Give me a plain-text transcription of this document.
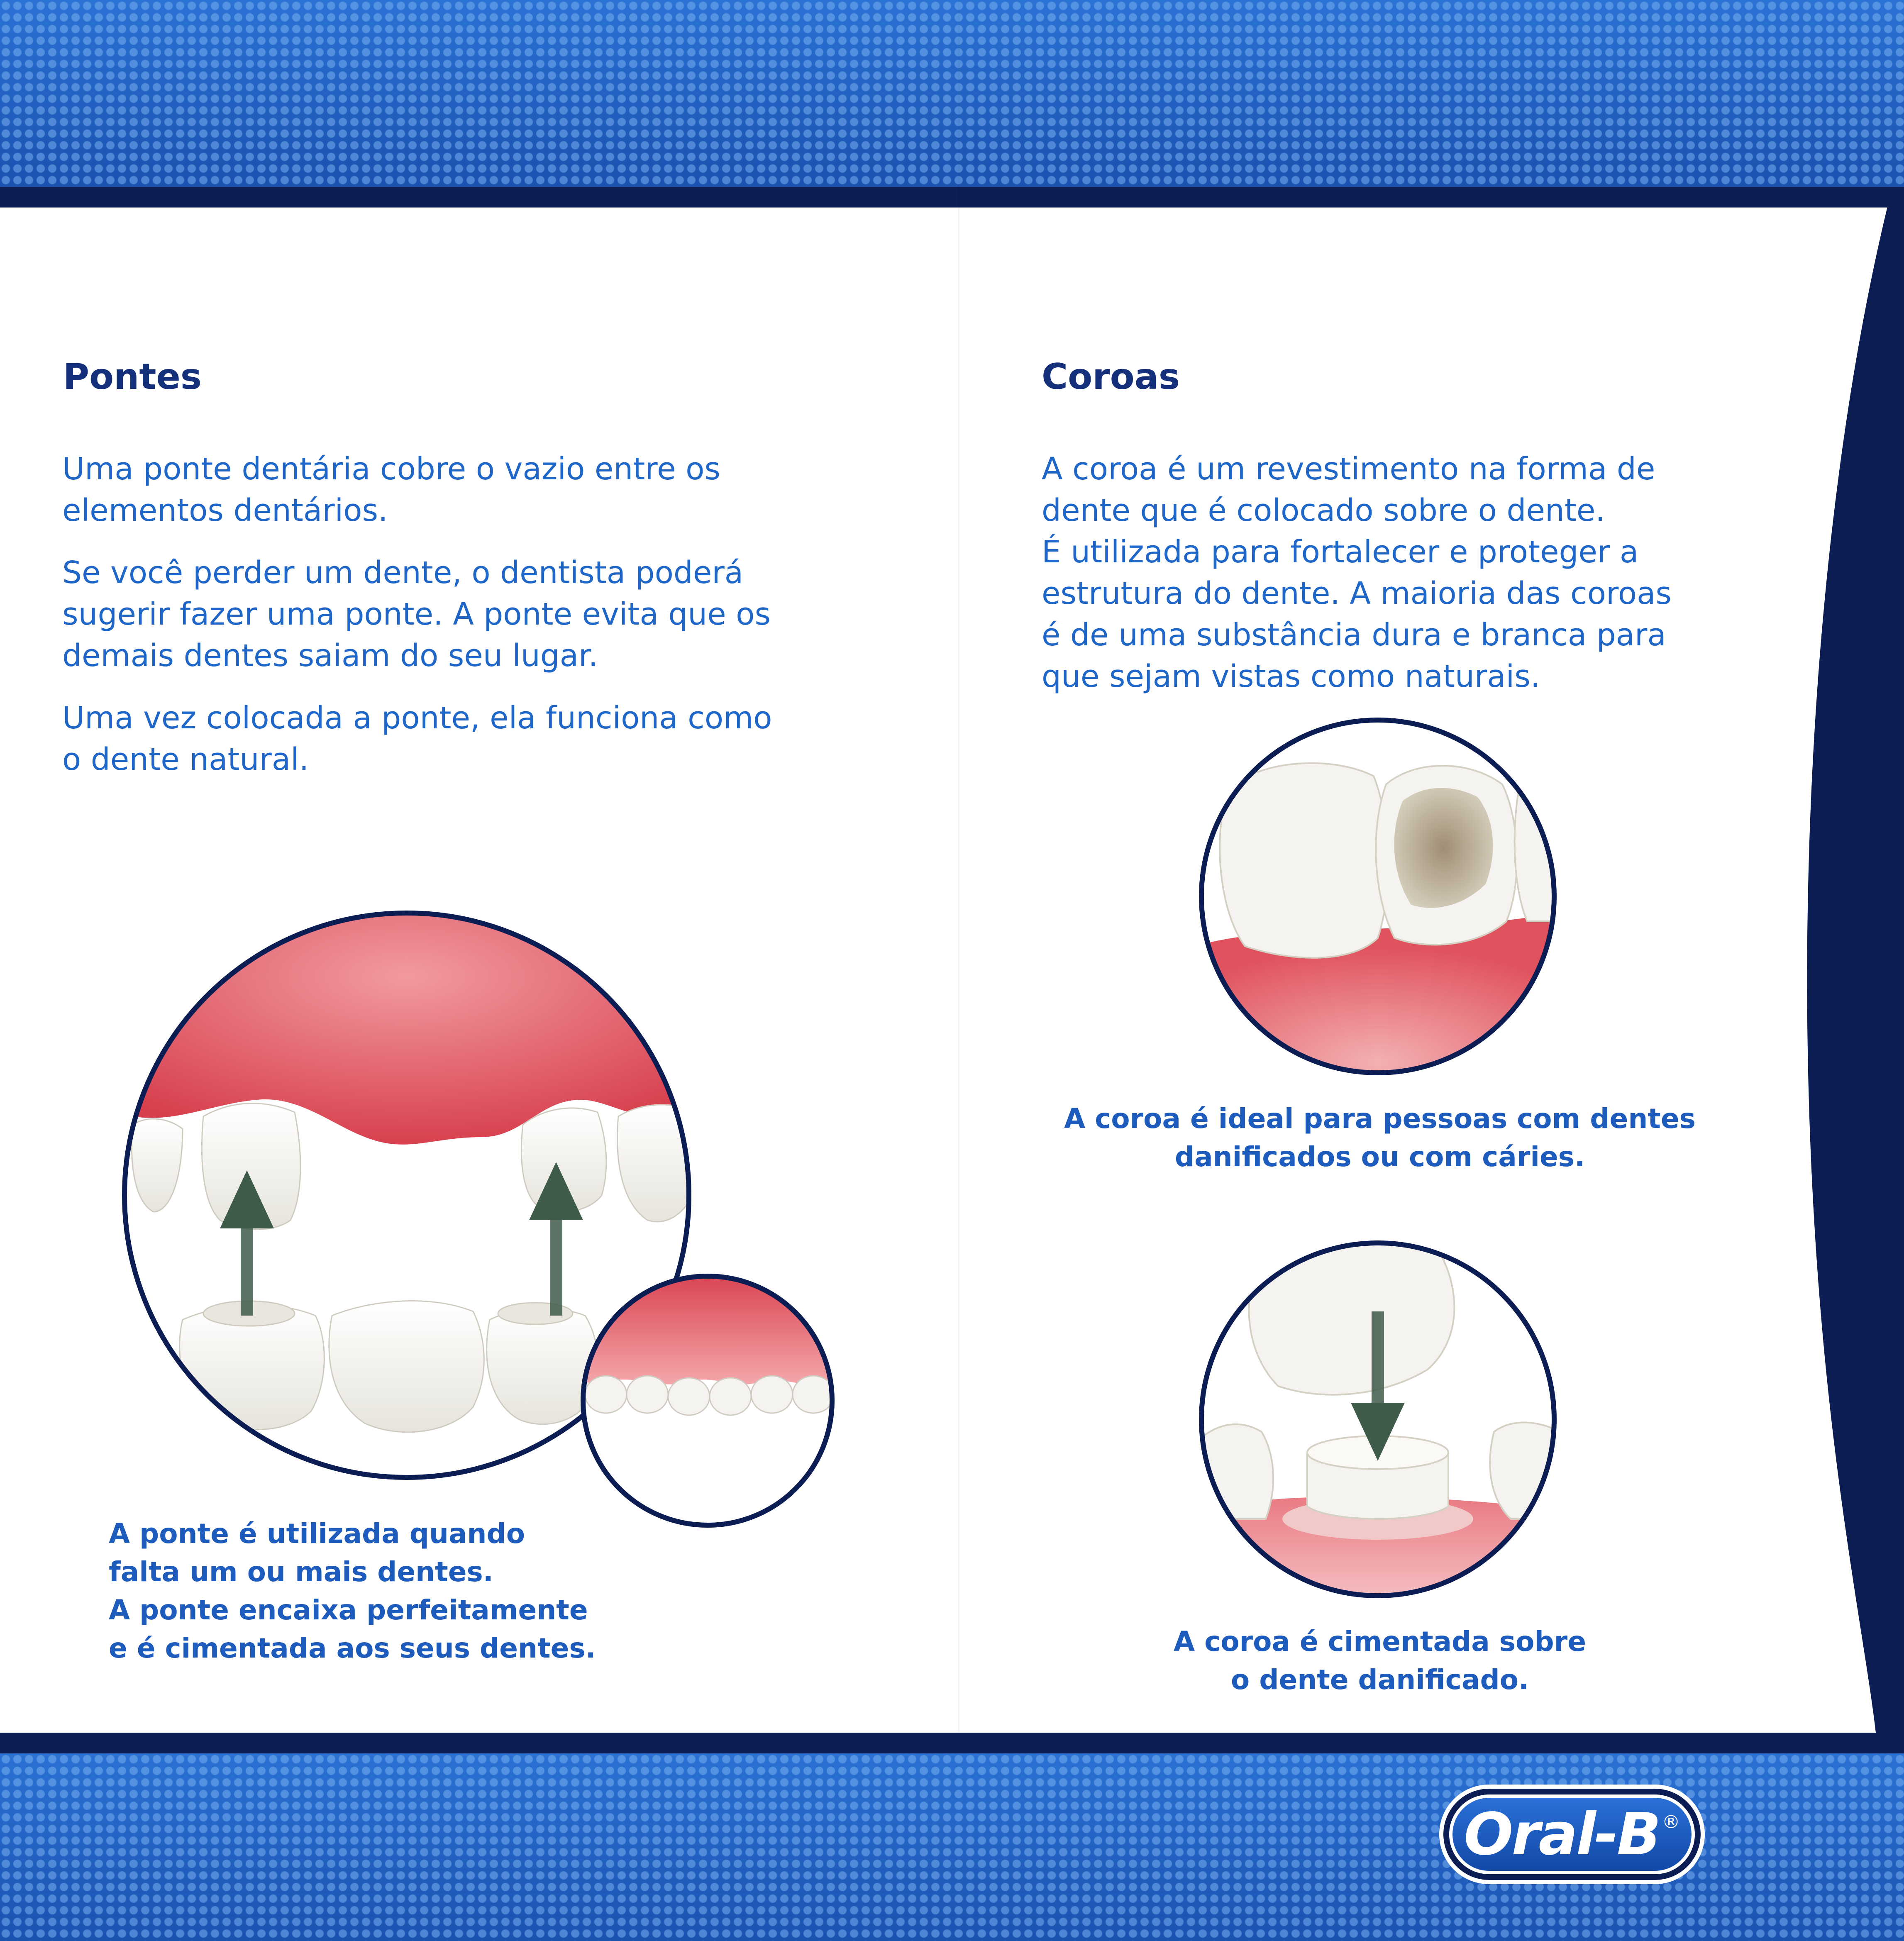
Pontes

Uma ponte dentária cobre o vazio entre os
elementos dentários.

Se você perder um dente, o dentista poderá
sugerir fazer uma ponte. A ponte evita que os
demais dentes saiam do seu lugar.

Uma vez colocada a ponte, ela funciona como
o dente natural.

A ponte é utilizada quando
falta um ou mais dentes.
A ponte encaixa perfeitamente
e é cimentada aos seus dentes.

Coroas

A coroa é um revestimento na forma de
dente que é colocado sobre o dente.
É utilizada para fortalecer e proteger a
estrutura do dente. A maioria das coroas
é de uma substância dura e branca para
que sejam vistas como naturais.

A coroa é ideal para pessoas com dentes
danificados ou com cáries.

A coroa é cimentada sobre
o dente danificado.

Oral-B ®
